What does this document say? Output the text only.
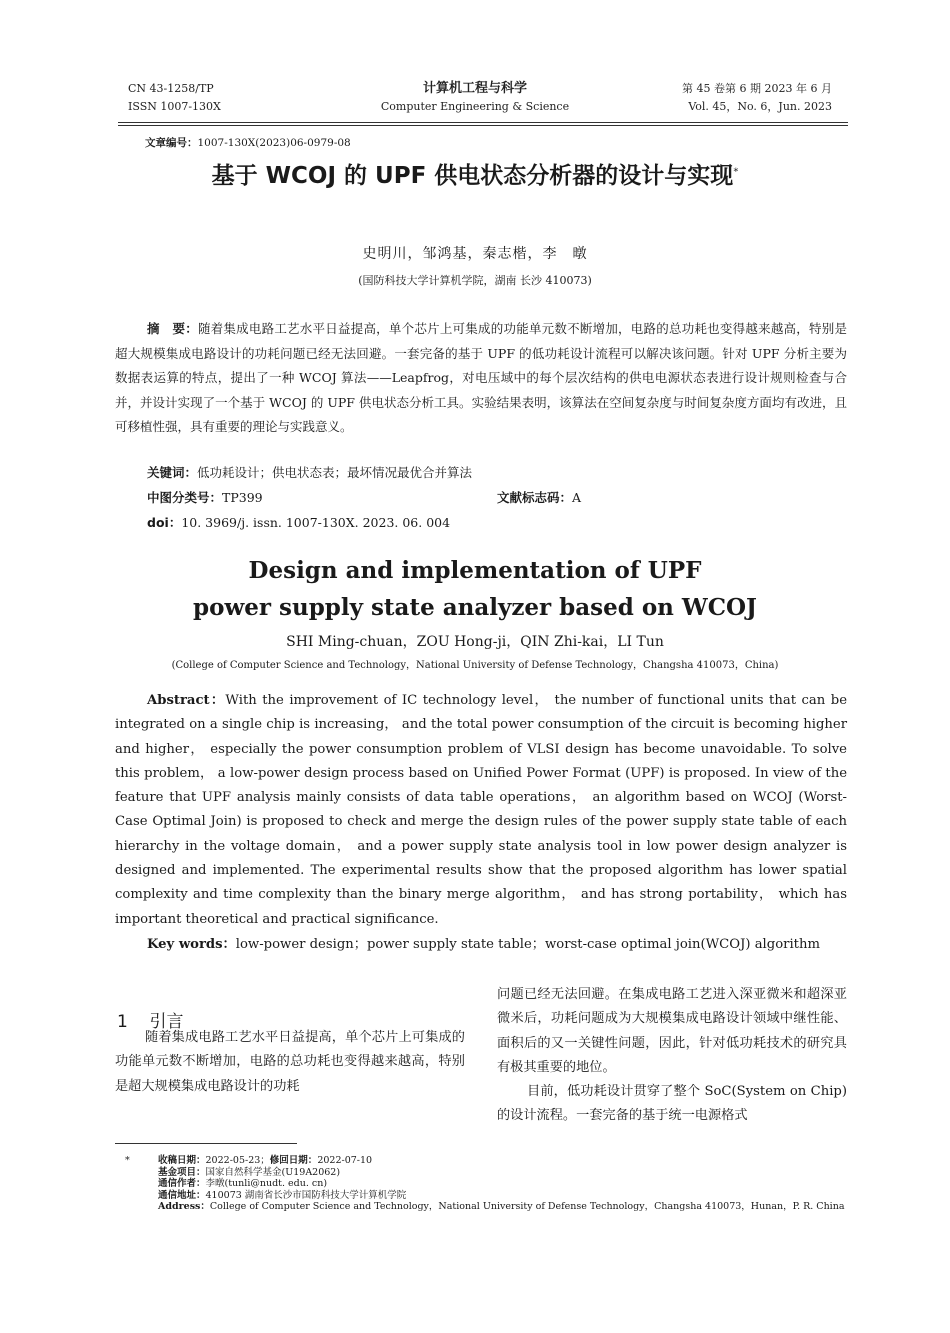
CN 43-1258/TP
ISSN 1007-130X
计算机工程与科学
Computer Engineering & Science
第 45 卷第 6 期 2023 年 6 月
Vol. 45，No. 6，Jun. 2023
文章编号：1007-130X(2023)06-0979-08
基于 WCOJ 的 UPF 供电状态分析器的设计与实现*
史明川，邹鸿基，秦志楷，李　暾
(国防科技大学计算机学院，湖南 长沙 410073)
摘　要：随着集成电路工艺水平日益提高，单个芯片上可集成的功能单元数不断增加，电路的总功耗也变得越来越高，特别是超大规模集成电路设计的功耗问题已经无法回避。一套完备的基于 UPF 的低功耗设计流程可以解决该问题。针对 UPF 分析主要为数据表运算的特点，提出了一种 WCOJ 算法——Leapfrog，对电压域中的每个层次结构的供电电源状态表进行设计规则检查与合并，并设计实现了一个基于 WCOJ 的 UPF 供电状态分析工具。实验结果表明，该算法在空间复杂度与时间复杂度方面均有改进，且可移植性强，具有重要的理论与实践意义。
关键词：低功耗设计；供电状态表；最坏情况最优合并算法
中图分类号：TP399	文献标志码：A
doi：10. 3969/j. issn. 1007-130X. 2023. 06. 004
Design and implementation of UPF
power supply state analyzer based on WCOJ
SHI Ming-chuan，ZOU Hong-ji，QIN Zhi-kai，LI Tun
(College of Computer Science and Technology，National University of Defense Technology，Changsha 410073，China)
Abstract：With the improvement of IC technology level， the number of functional units that can be integrated on a single chip is increasing， and the total power consumption of the circuit is becoming higher and higher， especially the power consumption problem of VLSI design has become unavoidable. To solve this problem， a low-power design process based on Unified Power Format (UPF) is proposed. In view of the feature that UPF analysis mainly consists of data table operations， an algorithm based on WCOJ (Worst-Case Optimal Join) is proposed to check and merge the design rules of the power supply state table of each hierarchy in the voltage domain， and a power supply state analysis tool in low power design analyzer is designed and implemented. The experimental results show that the proposed algorithm has lower spatial complexity and time complexity than the binary merge algorithm， and has strong portability， which has important theoretical and practical significance.
Key words：low-power design；power supply state table；worst-case optimal join(WCOJ) algorithm
1 引言
随着集成电路工艺水平日益提高，单个芯片上可集成的功能单元数不断增加，电路的总功耗也变得越来越高，特别是超大规模集成电路设计的功耗
问题已经无法回避。在集成电路工艺进入深亚微米和超深亚微米后，功耗问题成为大规模集成电路设计领域中继性能、面积后的又一关键性问题，因此，针对低功耗技术的研究具有极其重要的地位。
目前，低功耗设计贯穿了整个 SoC(System on Chip)的设计流程。一套完备的基于统一电源格式
*	收稿日期：2022-05-23；修回日期：2022-07-10
基金项目：国家自然科学基金(U19A2062)
通信作者：李暾(tunli@nudt. edu. cn)
通信地址：410073 湖南省长沙市国防科技大学计算机学院
Address：College of Computer Science and Technology，National University of Defense Technology，Changsha 410073，Hunan，P. R. China
